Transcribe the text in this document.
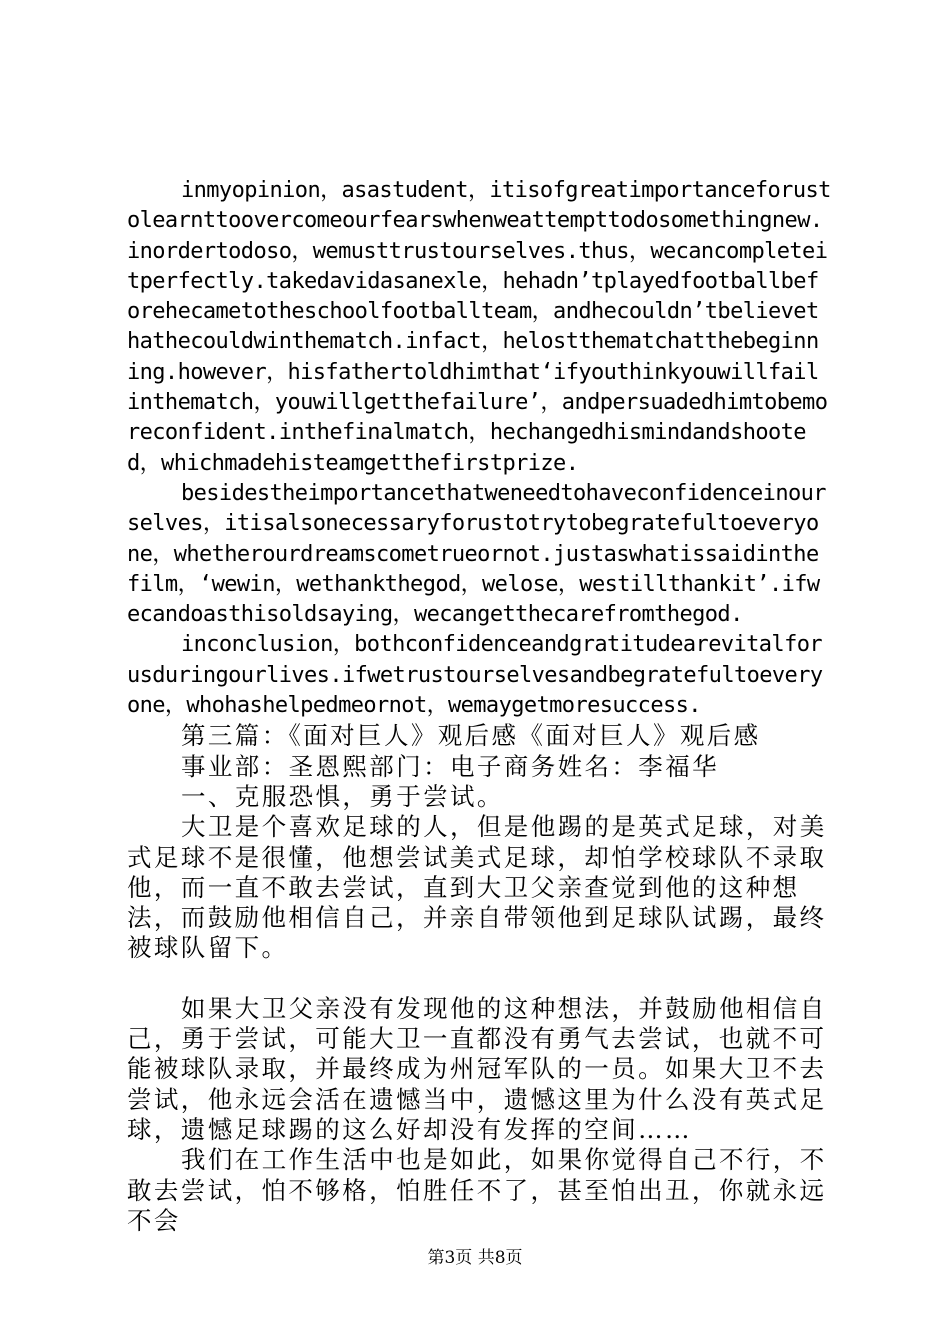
inmyopinion，asastudent，itisofgreatimportanceforustolearnttoovercomeourfearswhenweattempttodosomethingnew.inordertodoso，wemusttrustourselves.thus，wecancompleteitperfectly.takedavidasanexle，hehadn’tplayedfootballbeforehecametotheschoolfootballteam，andhecouldn’tbelievethathecouldwinthematch.infact，helostthematchatthebeginning.however，hisfathertoldhimthat‘ifyouthinkyouwillfailinthematch，youwillgetthefailure’，andpersuadedhimtobemoreconfident.inthefinalmatch，hechangedhismindandshooted，whichmadehisteamgetthefirstprize.

besidestheimportancethatweneedtohaveconfidenceinourselves，itisalsonecessaryforustotrytobegratefultoeveryone，whetherourdreamscometrueornot.justaswhatissaidinthefilm，‘wewin，wethankthegod，welose，westillthankit’.ifwecandoasthisoldsaying，wecangetthecarefromthegod.

inconclusion，bothconfidenceandgratitudearevitalforusduringourlives.ifwetrustourselvesandbegratefultoeveryone，whohashelpedmeornot，wemaygetmoresuccess.

第三篇：《面对巨人》观后感《面对巨人》观后感

事业部：圣恩熙部门：电子商务姓名：李福华

一、克服恐惧，勇于尝试。

大卫是个喜欢足球的人，但是他踢的是英式足球，对美式足球不是很懂，他想尝试美式足球，却怕学校球队不录取他，而一直不敢去尝试，直到大卫父亲查觉到他的这种想法，而鼓励他相信自己，并亲自带领他到足球队试踢，最终被球队留下。

如果大卫父亲没有发现他的这种想法，并鼓励他相信自己，勇于尝试，可能大卫一直都没有勇气去尝试，也就不可能被球队录取，并最终成为州冠军队的一员。如果大卫不去尝试，他永远会活在遗憾当中，遗憾这里为什么没有英式足球，遗憾足球踢的这么好却没有发挥的空间……

我们在工作生活中也是如此，如果你觉得自己不行，不敢去尝试，怕不够格，怕胜任不了，甚至怕出丑，你就永远不会

第3页 共8页
